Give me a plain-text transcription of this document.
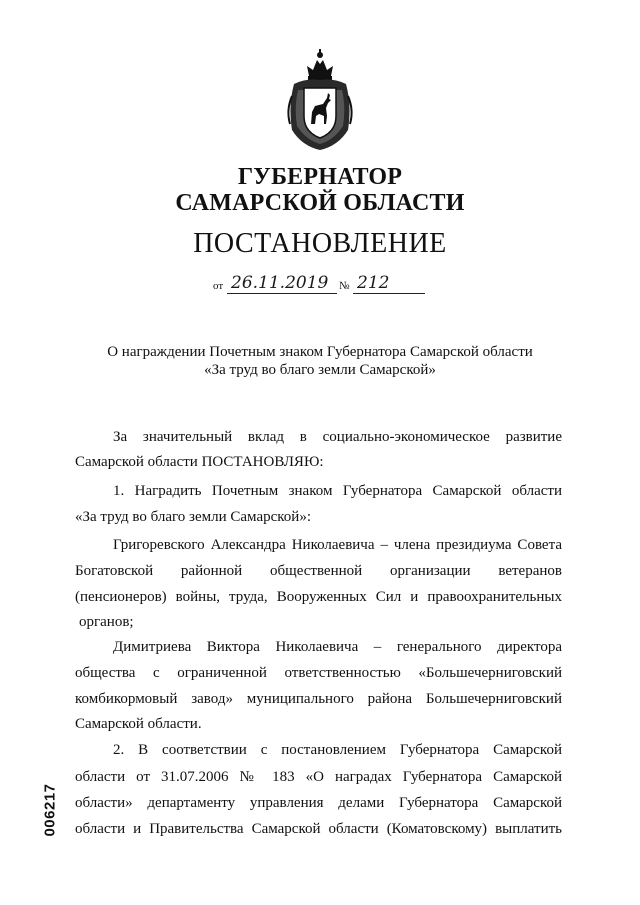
ГУБЕРНАТОР
САМАРСКОЙ ОБЛАСТИ
ПОСТАНОВЛЕНИЕ
от 26.11.2019 № 212
О награждении Почетным знаком Губернатора Самарской области
«За труд во благо земли Самарской»
За значительный вклад в социально-экономическое развитие
Самарской области ПОСТАНОВЛЯЮ:
1. Наградить Почетным знаком Губернатора Самарской области
«За труд во благо земли Самарской»:
Григоревского Александра Николаевича – члена президиума Совета
Богатовской районной общественной организации ветеранов
(пенсионеров) войны, труда, Вооруженных Сил и правоохранительных
органов;
Димитриева Виктора Николаевича – генерального директора
общества с ограниченной ответственностью «Большечерниговский
комбикормовый завод» муниципального района Большечерниговский
Самарской области.
2. В соответствии с постановлением Губернатора Самарской
области от 31.07.2006 № 183 «О наградах Губернатора Самарской
области» департаменту управления делами Губернатора Самарской
области и Правительства Самарской области (Коматовскому) выплатить
006217
